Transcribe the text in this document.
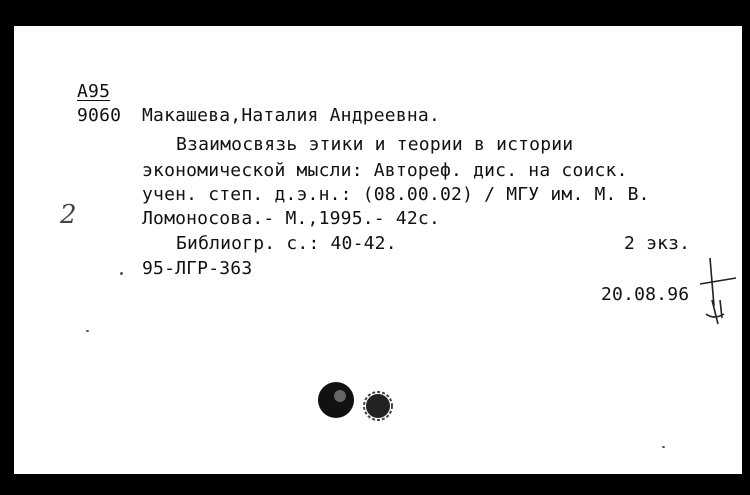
А95
9060 Макашева,Наталия Андреевна.
Взаимосвязь этики и теории в истории
экономической мысли: Автореф. дис. на соиск.
учен. степ. д.э.н.: (08.00.02) / МГУ им. М. В.
Ломоносова.- М.,1995.- 42с.
Библиогр. с.: 40-42.	2 экз.
95-ЛГР-363
20.08.96
2
